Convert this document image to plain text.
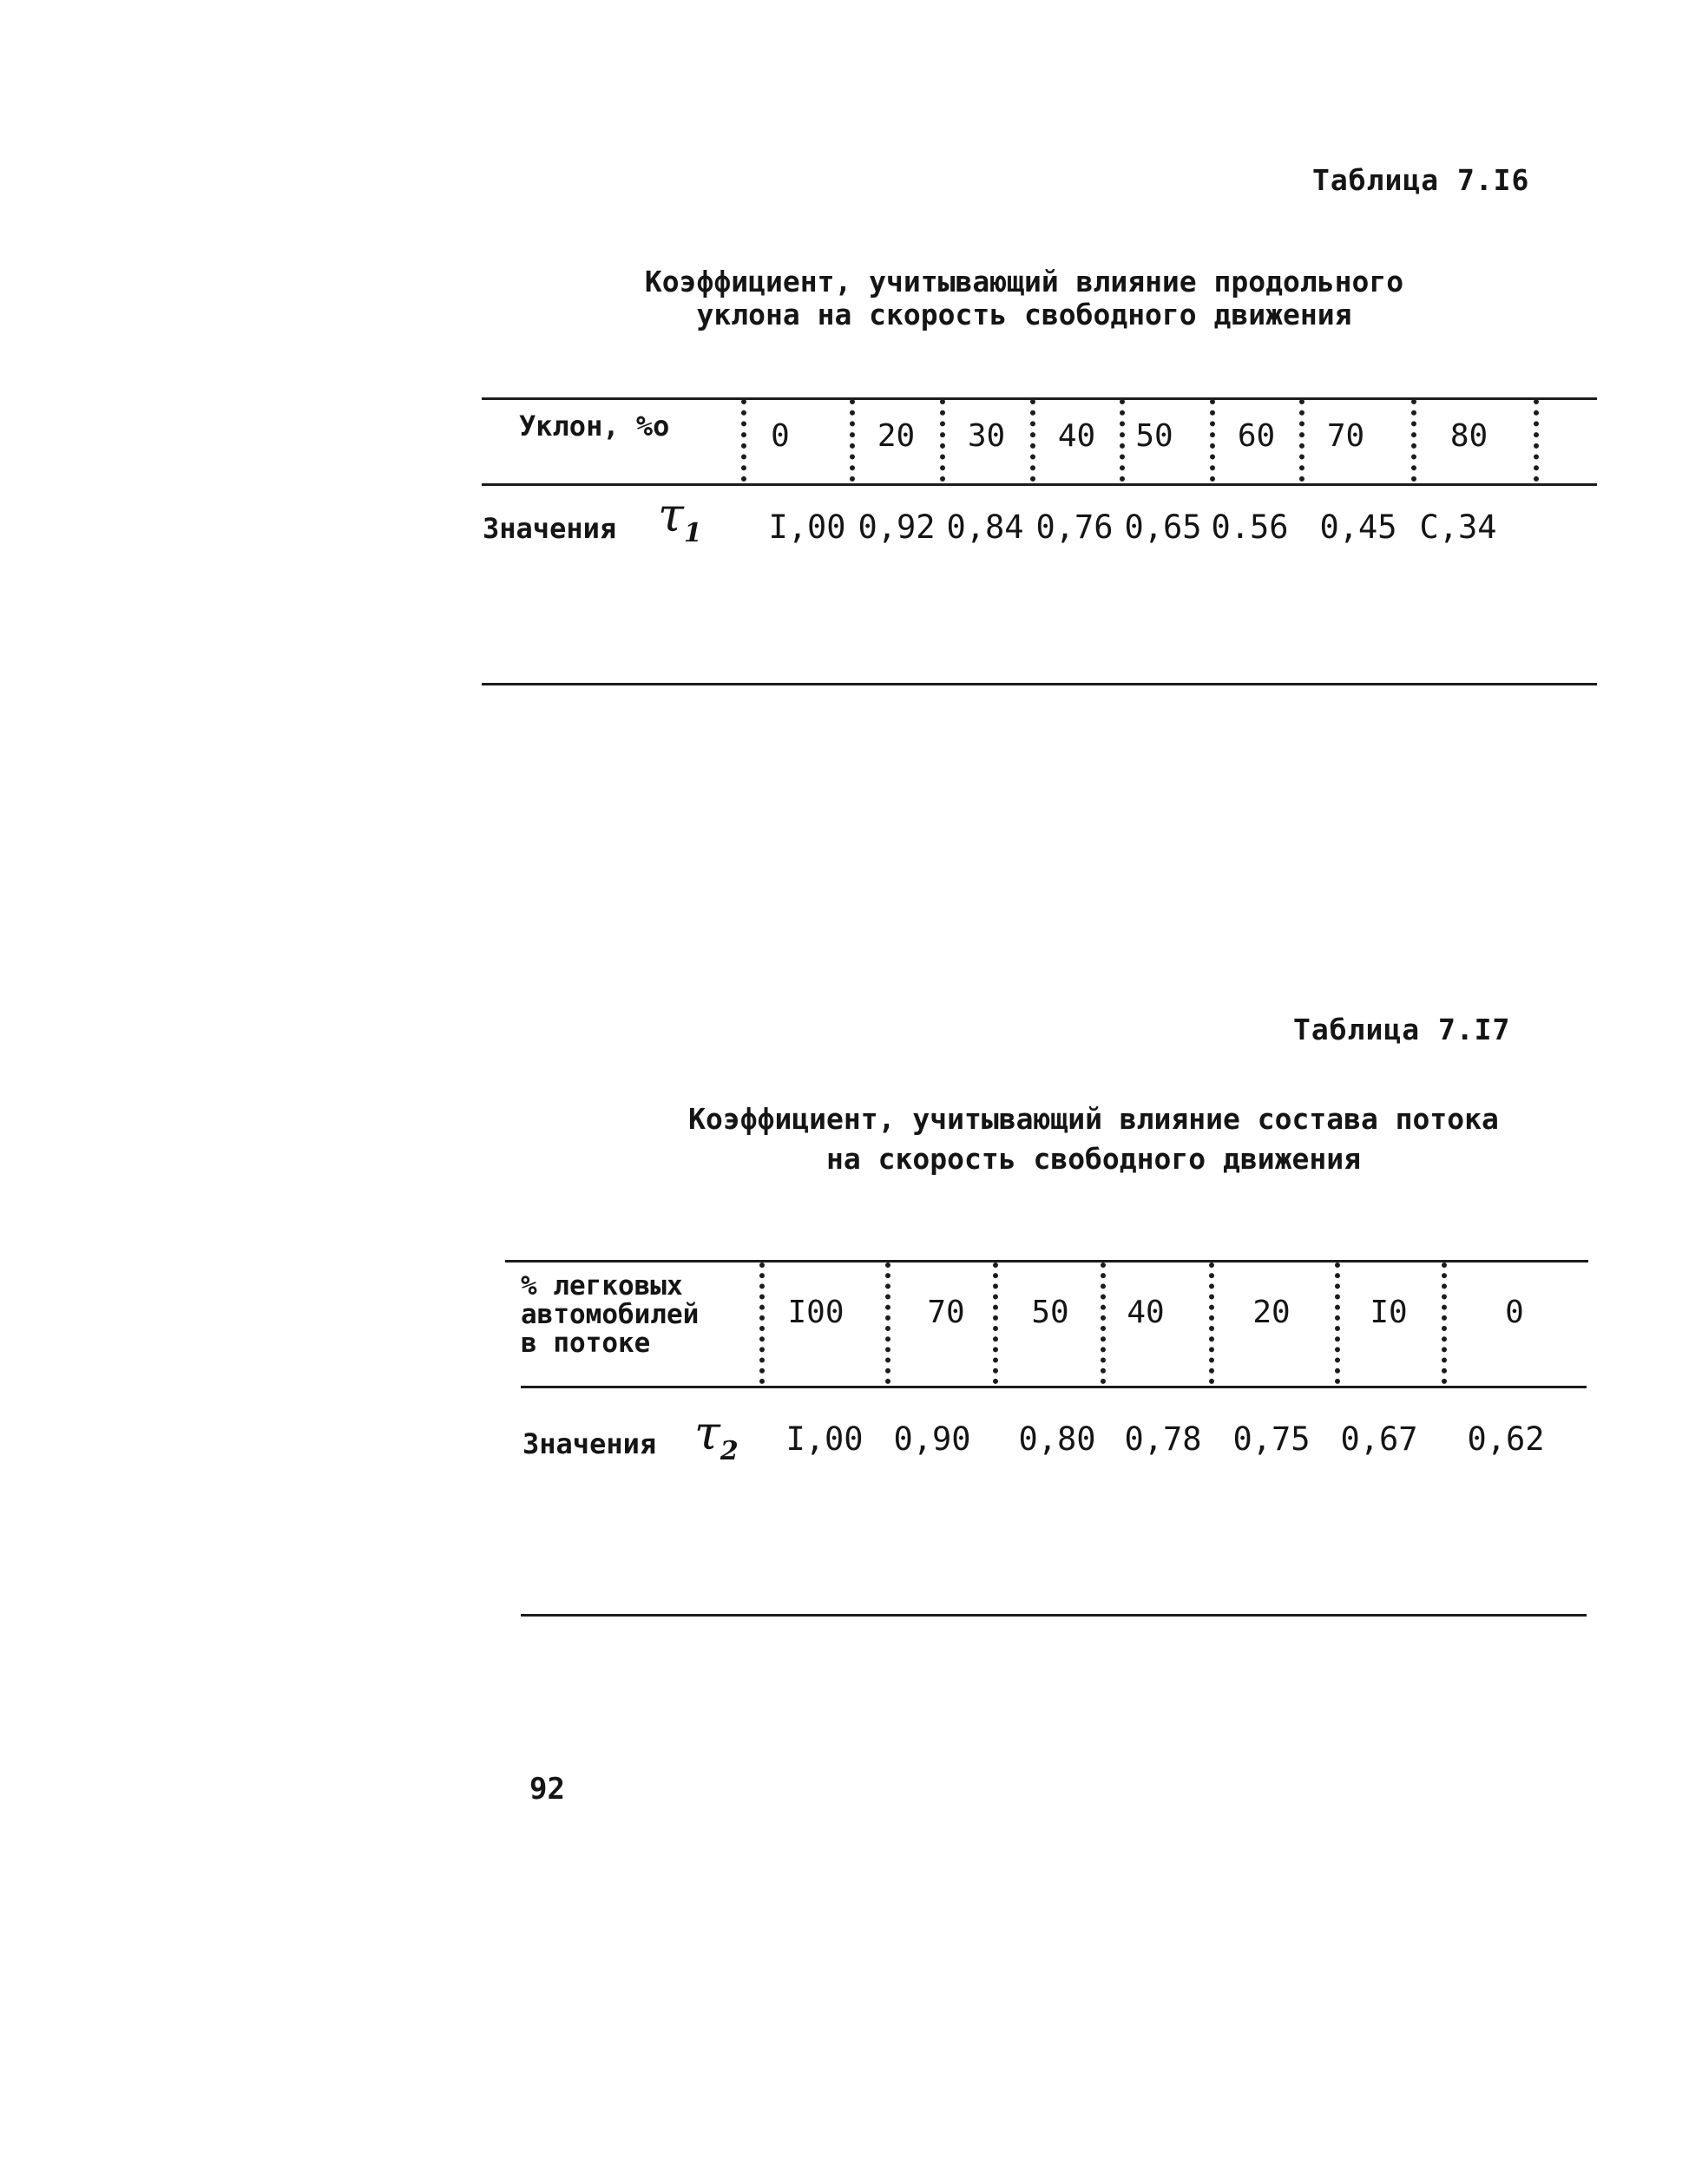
Таблица 7.I6
Коэффициент, учитывающий влияние продольного
уклона на скорость свободного движения
Уклон, %о	0	20	30	40	50	60	70	80
Значения $\tau_1$ I,00 0,92 0,84 0,76 0,65 0.56 0,45 C,34
Таблица 7.I7
Коэффициент, учитывающий влияние состава потока
на скорость свободного движения
% легковых
автомобилей
в потоке
I00	70	50	40	20	I0	0
Значения $\tau_2$ I,00 0,90 0,80 0,78 0,75 0,67 0,62
92
